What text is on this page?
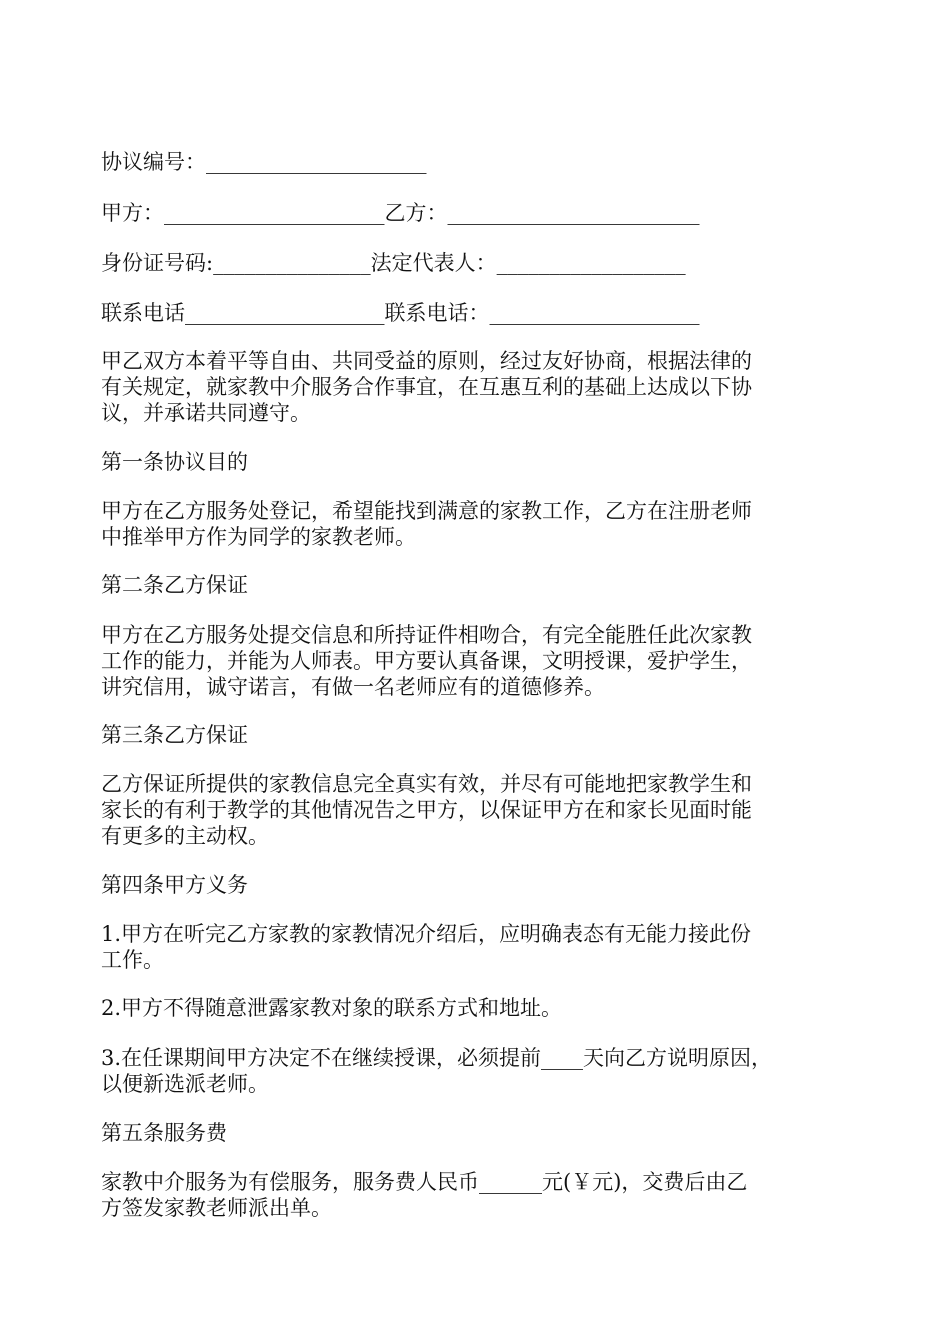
协议编号：_____________________
甲方：_____________________乙方：________________________
身份证号码:_______________法定代表人：__________________
联系电话___________________联系电话：____________________
甲乙双方本着平等自由、共同受益的原则，经过友好协商，根据法律的
有关规定，就家教中介服务合作事宜，在互惠互利的基础上达成以下协
议，并承诺共同遵守。
第一条协议目的
甲方在乙方服务处登记，希望能找到满意的家教工作，乙方在注册老师
中推举甲方作为同学的家教老师。
第二条乙方保证
甲方在乙方服务处提交信息和所持证件相吻合，有完全能胜任此次家教
工作的能力，并能为人师表。甲方要认真备课，文明授课，爱护学生，
讲究信用，诚守诺言，有做一名老师应有的道德修养。
第三条乙方保证
乙方保证所提供的家教信息完全真实有效，并尽有可能地把家教学生和
家长的有利于教学的其他情况告之甲方，以保证甲方在和家长见面时能
有更多的主动权。
第四条甲方义务
1.甲方在听完乙方家教的家教情况介绍后，应明确表态有无能力接此份
工作。
2.甲方不得随意泄露家教对象的联系方式和地址。
3.在任课期间甲方决定不在继续授课，必须提前____天向乙方说明原因，
以便新选派老师。
第五条服务费
家教中介服务为有偿服务，服务费人民币______元(￥元)，交费后由乙
方签发家教老师派出单。
